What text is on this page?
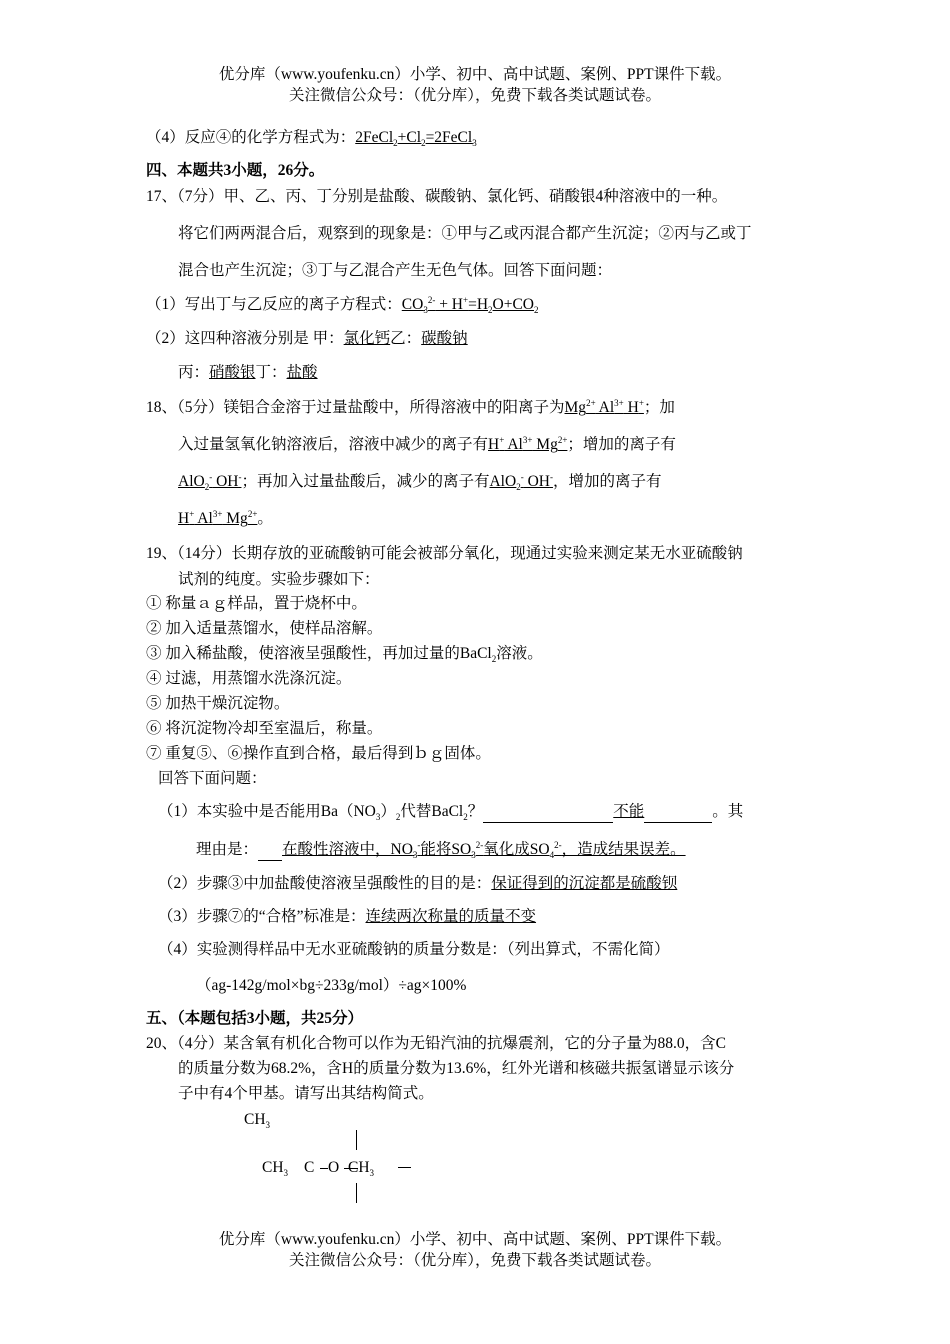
优分库（www.youfenku.cn）小学、初中、高中试题、案例、PPT课件下载。
关注微信公众号：（优分库），免费下载各类试题试卷。
（4）反应④的化学方程式为：$2FeCl_2+Cl_2=2FeCl_3$
四、本题共3小题，26分。
17、（7分）甲、乙、丙、丁分别是盐酸、碳酸钠、氯化钙、硝酸银4种溶液中的一种。
将它们两两混合后，观察到的现象是：①甲与乙或丙混合都产生沉淀；②丙与乙或丁
混合也产生沉淀；③丁与乙混合产生无色气体。回答下面问题：
（1）写出丁与乙反应的离子方程式：$CO_3^{2-} + H^+=H_2O+CO_2$
（2）这四种溶液分别是 甲：氯化钙乙：碳酸钠
丙：硝酸银丁：盐酸
18、（5分）镁铝合金溶于过量盐酸中，所得溶液中的阳离子为$Mg^{2+}$ $Al^{3+}$ H+；加
入过量氢氧化钠溶液后，溶液中减少的离子有H+ $Al^{3+}$ $Mg^{2+}$；增加的离子有
AlO$_2$- OH-；再加入过量盐酸后，减少的离子有AlO$_2$- OH-，增加的离子有
H+ $Al^{3+}$ $Mg^{2+}$。
19、（14分）长期存放的亚硫酸钠可能会被部分氧化，现通过实验来测定某无水亚硫酸钠
试剂的纯度。实验步骤如下：
① 称量ａｇ样品，置于烧杯中。
② 加入适量蒸馏水，使样品溶解。
③ 加入稀盐酸，使溶液呈强酸性，再加过量的BaCl$_2$溶液。
④ 过滤，用蒸馏水洗涤沉淀。
⑤ 加热干燥沉淀物。
⑥ 将沉淀物冷却至室温后，称量。
⑦ 重复⑤、⑥操作直到合格，最后得到ｂｇ固体。
回答下面问题：
（1）本实验中是否能用$Ba(NO_3)_2$代替BaCl$_2$？	不能	。其
理由是： 在酸性溶液中，$NO_3^-$能将$SO_3^{2-}$氧化成$SO_4^{2-}$，造成结果误差。
（2）步骤③中加盐酸使溶液呈强酸性的目的是：保证得到的沉淀都是硫酸钡
（3）步骤⑦的“合格”标准是：连续两次称量的质量不变
（4）实验测得样品中无水亚硫酸钠的质量分数是：（列出算式，不需化简）
（ag-142g/mol×bg÷233g/mol）÷ag×100%
五、（本题包括3小题，共25分）
20、（4分）某含氧有机化合物可以作为无铅汽油的抗爆震剂，它的分子量为88.0，含C
的质量分数为68.2%，含H的质量分数为13.6%，红外光谱和核磁共振氢谱显示该分
子中有4个甲基。请写出其结构简式。
$CH_3$
$CH_3$ C O $CH_3$
优分库（www.youfenku.cn）小学、初中、高中试题、案例、PPT课件下载。
关注微信公众号：（优分库），免费下载各类试题试卷。
